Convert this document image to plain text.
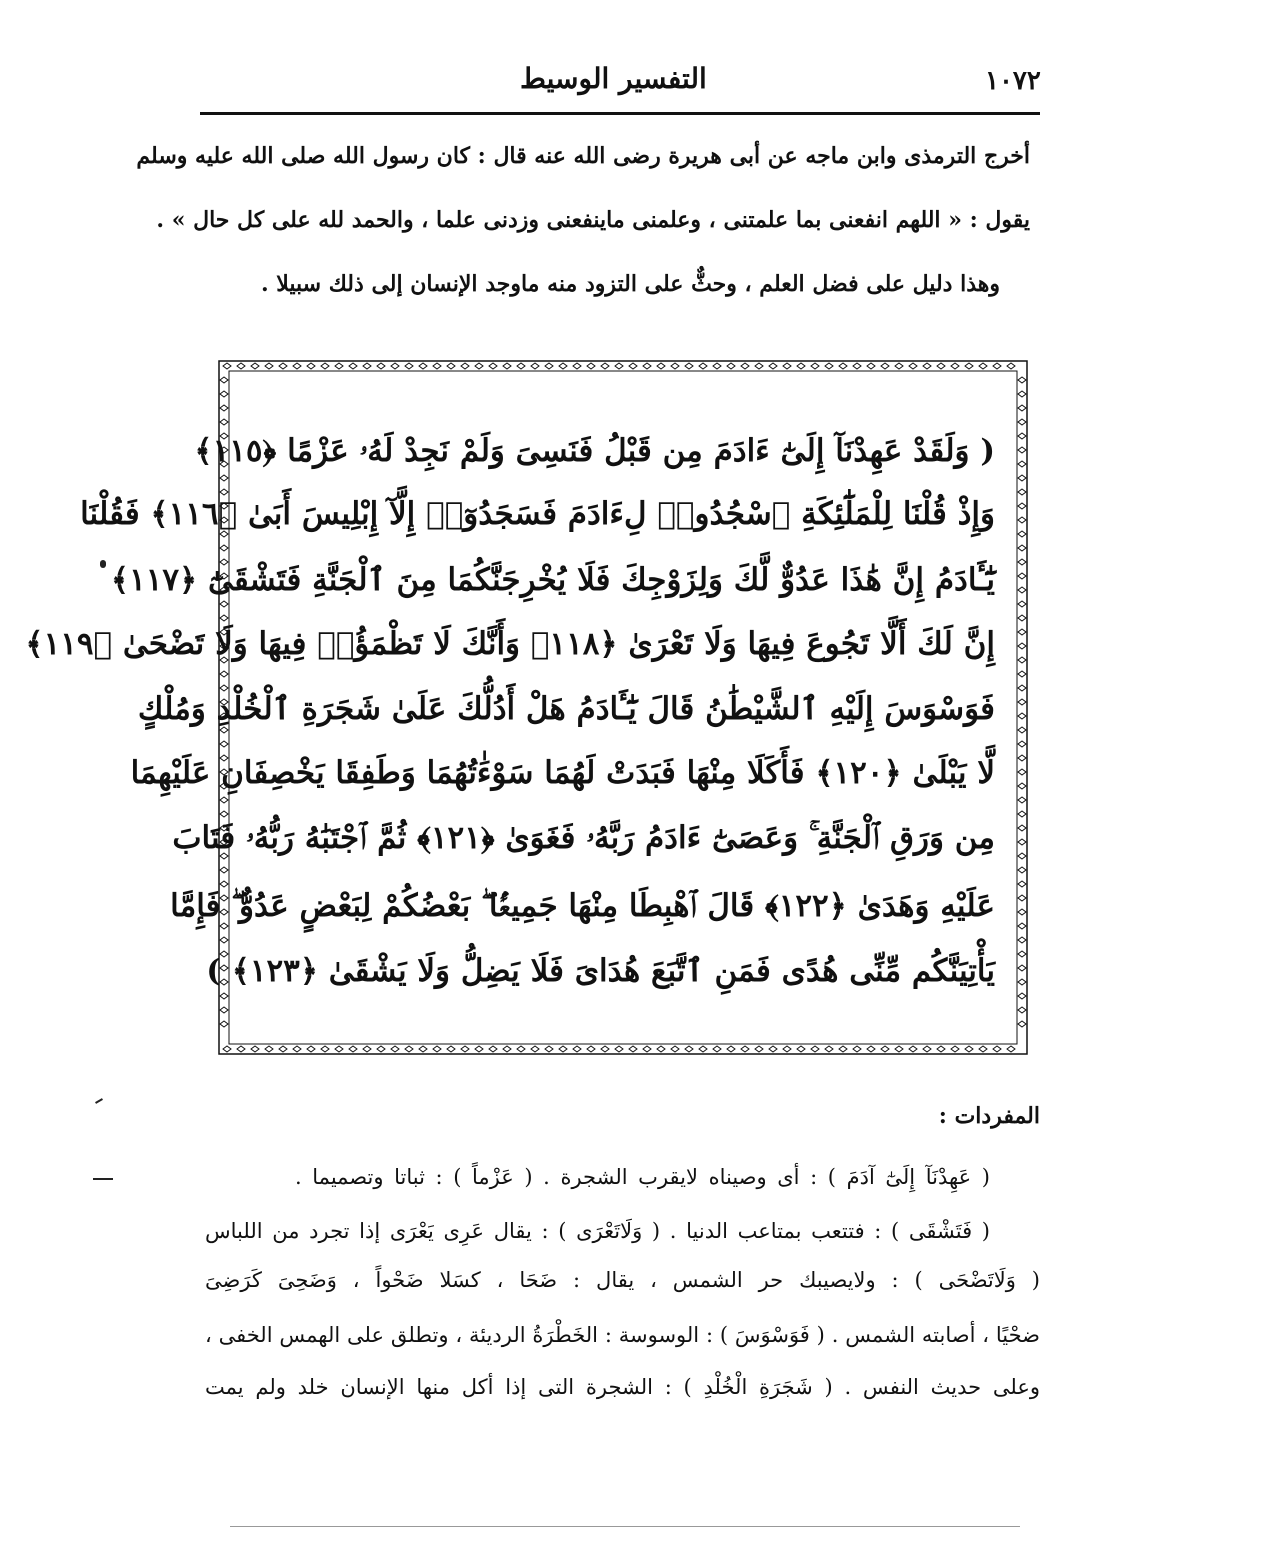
١٠٧٢
التفسير الوسيط
أخرج الترمذى وابن ماجه عن أبى هريرة رضى الله عنه قال : كان رسول الله صلى الله عليه وسلم
يقول : « اللهم انفعنى بما علمتنى ، وعلمنى ماينفعنى وزدنى علما ، والحمد لله على كل حال » .
وهذا دليل على فضل العلم ، وحثٌّ على التزود منه ماوجد الإنسان إلى ذلك سبيلا .
( وَلَقَدْ عَهِدْنَآ إِلَىٰٓ ءَادَمَ مِن قَبْلُ فَنَسِىَ وَلَمْ نَجِدْ لَهُۥ عَزْمًا ﴿١١٥﴾
وَإِذْ قُلْنَا لِلْمَلَٰٓئِكَةِ ٱسْجُدُوا۟ لِءَادَمَ فَسَجَدُوٓا۟ إِلَّآ إِبْلِيسَ أَبَىٰ ﴿١١٦﴾ فَقُلْنَا
يَٰٓـَٔادَمُ إِنَّ هَٰذَا عَدُوٌّ لَّكَ وَلِزَوْجِكَ فَلَا يُخْرِجَنَّكُمَا مِنَ ٱلْجَنَّةِ فَتَشْقَىٰٓ ﴿١١٧﴾
إِنَّ لَكَ أَلَّا تَجُوعَ فِيهَا وَلَا تَعْرَىٰ ﴿١١٨﴾ وَأَنَّكَ لَا تَظْمَؤُا۟ فِيهَا وَلَا تَضْحَىٰ ﴿١١٩﴾
فَوَسْوَسَ إِلَيْهِ ٱلشَّيْطَٰنُ قَالَ يَٰٓـَٔادَمُ هَلْ أَدُلُّكَ عَلَىٰ شَجَرَةِ ٱلْخُلْدِ وَمُلْكٍ
لَّا يَبْلَىٰ ﴿١٢٠﴾ فَأَكَلَا مِنْهَا فَبَدَتْ لَهُمَا سَوْءَٰتُهُمَا وَطَفِقَا يَخْصِفَانِ عَلَيْهِمَا
مِن وَرَقِ ٱلْجَنَّةِ ۚ وَعَصَىٰٓ ءَادَمُ رَبَّهُۥ فَغَوَىٰ ﴿١٢١﴾ ثُمَّ ٱجْتَبَٰهُ رَبُّهُۥ فَتَابَ
عَلَيْهِ وَهَدَىٰ ﴿١٢٢﴾ قَالَ ٱهْبِطَا مِنْهَا جَمِيعًۢا ۖ بَعْضُكُمْ لِبَعْضٍ عَدُوٌّ ۖ فَإِمَّا
يَأْتِيَنَّكُم مِّنِّى هُدًى فَمَنِ ٱتَّبَعَ هُدَاىَ فَلَا يَضِلُّ وَلَا يَشْقَىٰ ﴿١٢٣﴾ )
المفردات :
( عَهِدْنَآ إِلَىٰٓ آدَمَ ) : أى وصيناه لايقرب الشجرة . ( عَزْماً ) : ثباتا وتصميما .
( فَتَشْقَى ) : فتتعب بمتاعب الدنيا . ( وَلَاتَعْرَى ) : يقال عَرِى يَعْرَى إذا تجرد من اللباس
( وَلَاتَضْحَى ) : ولايصيبك حر الشمس ، يقال : ضَحَا ، كسَلا ضَحْواً ، وَضَحِىَ كَرَضِىَ
ضحْيًا ، أصابته الشمس . ( فَوَسْوَسَ ) : الوسوسة : الخَطْرَةُ الرديئة ، وتطلق على الهمس الخفى ،
وعلى حديث النفس . ( شَجَرَةِ الْخُلْدِ ) : الشجرة التى إذا أكل منها الإنسان خلد ولم يمت
